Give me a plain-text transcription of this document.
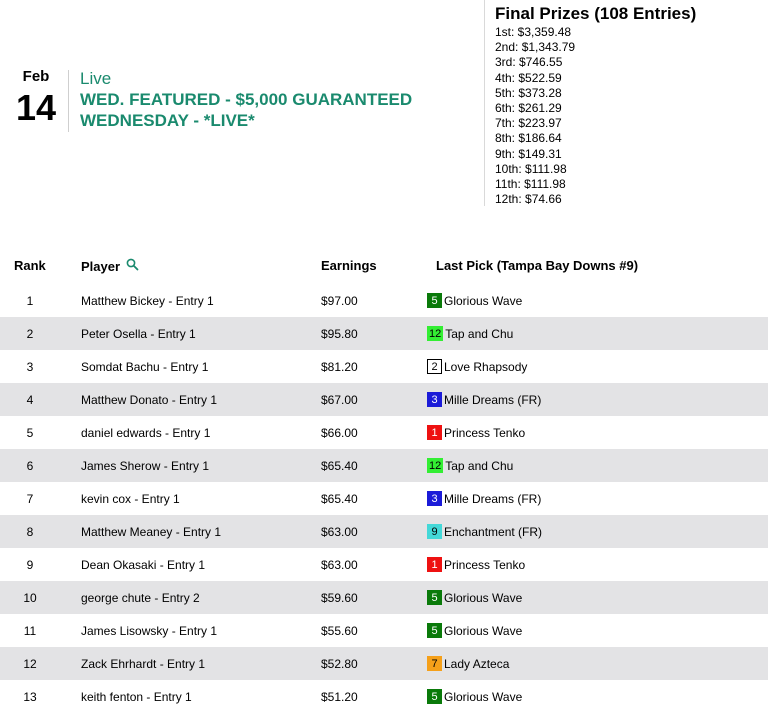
Feb
14
Live
WED. FEATURED - $5,000 GUARANTEED WEDNESDAY - *LIVE*
Final Prizes (108 Entries)
1st: $3,359.48
2nd: $1,343.79
3rd: $746.55
4th: $522.59
5th: $373.28
6th: $261.29
7th: $223.97
8th: $186.64
9th: $149.31
10th: $111.98
11th: $111.98
12th: $74.66
Rank	Player	Earnings	Last Pick (Tampa Bay Downs #9)
1	Matthew Bickey - Entry 1	$97.00	5 Glorious Wave
2	Peter Osella - Entry 1	$95.80	12 Tap and Chu
3	Somdat Bachu - Entry 1	$81.20	2 Love Rhapsody
4	Matthew Donato - Entry 1	$67.00	3 Mille Dreams (FR)
5	daniel edwards - Entry 1	$66.00	1 Princess Tenko
6	James Sherow - Entry 1	$65.40	12 Tap and Chu
7	kevin cox - Entry 1	$65.40	3 Mille Dreams (FR)
8	Matthew Meaney - Entry 1	$63.00	9 Enchantment (FR)
9	Dean Okasaki - Entry 1	$63.00	1 Princess Tenko
10	george chute - Entry 2	$59.60	5 Glorious Wave
11	James Lisowsky - Entry 1	$55.60	5 Glorious Wave
12	Zack Ehrhardt - Entry 1	$52.80	7 Lady Azteca
13	keith fenton - Entry 1	$51.20	5 Glorious Wave
